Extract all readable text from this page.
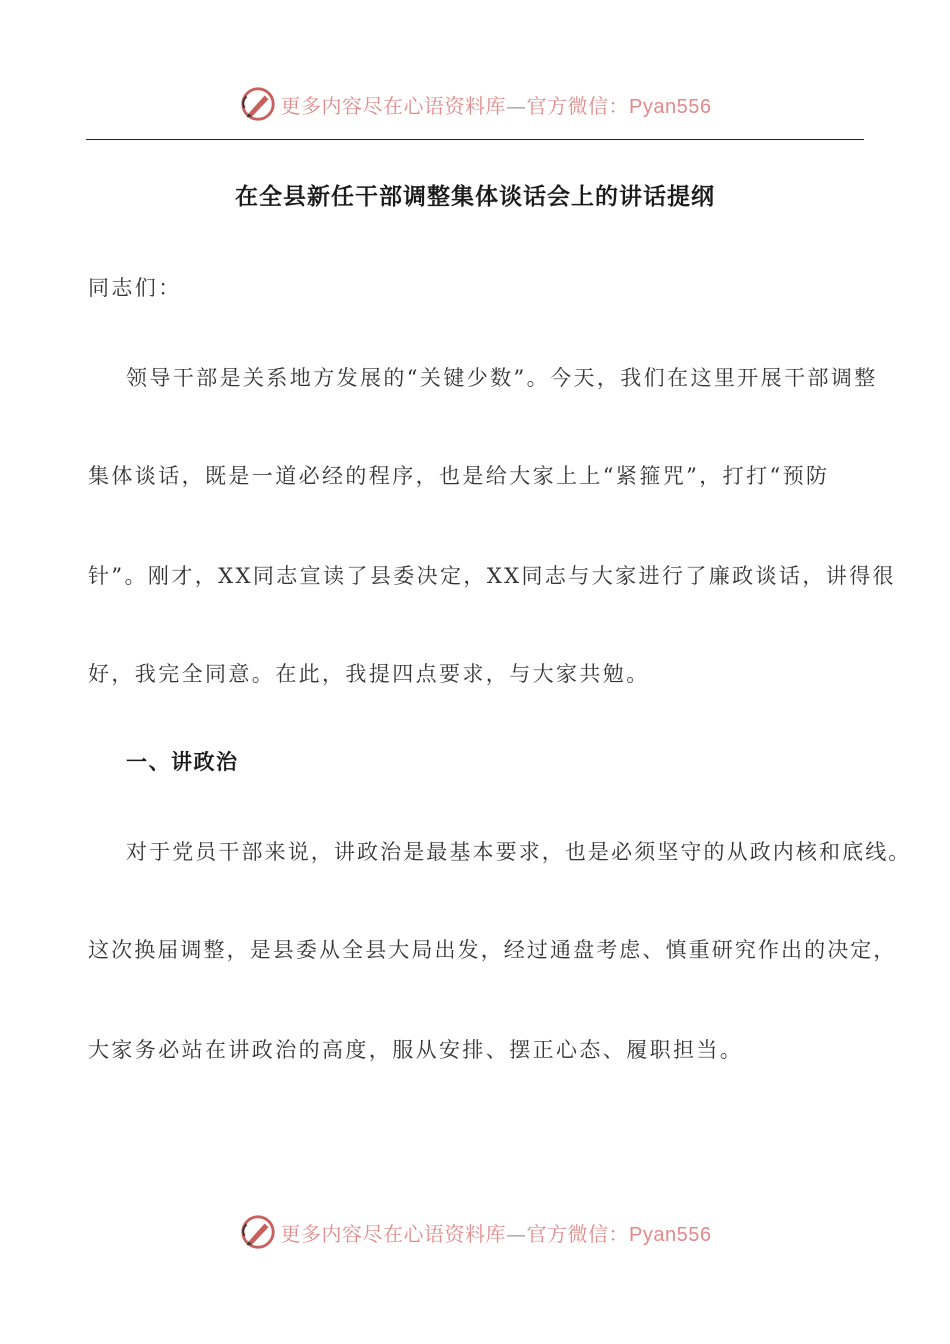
更多内容尽在心语资料库—官方微信：Pyan556
在全县新任干部调整集体谈话会上的讲话提纲
同志们：
领导干部是关系地方发展的“关键少数”。今天，我们在这里开展干部调整
集体谈话，既是一道必经的程序，也是给大家上上“紧箍咒”，打打“预防
针”。刚才，XX同志宣读了县委决定，XX同志与大家进行了廉政谈话，讲得很
好，我完全同意。在此，我提四点要求，与大家共勉。
一、讲政治
对于党员干部来说，讲政治是最基本要求，也是必须坚守的从政内核和底线。
这次换届调整，是县委从全县大局出发，经过通盘考虑、慎重研究作出的决定，
大家务必站在讲政治的高度，服从安排、摆正心态、履职担当。
更多内容尽在心语资料库—官方微信：Pyan556
